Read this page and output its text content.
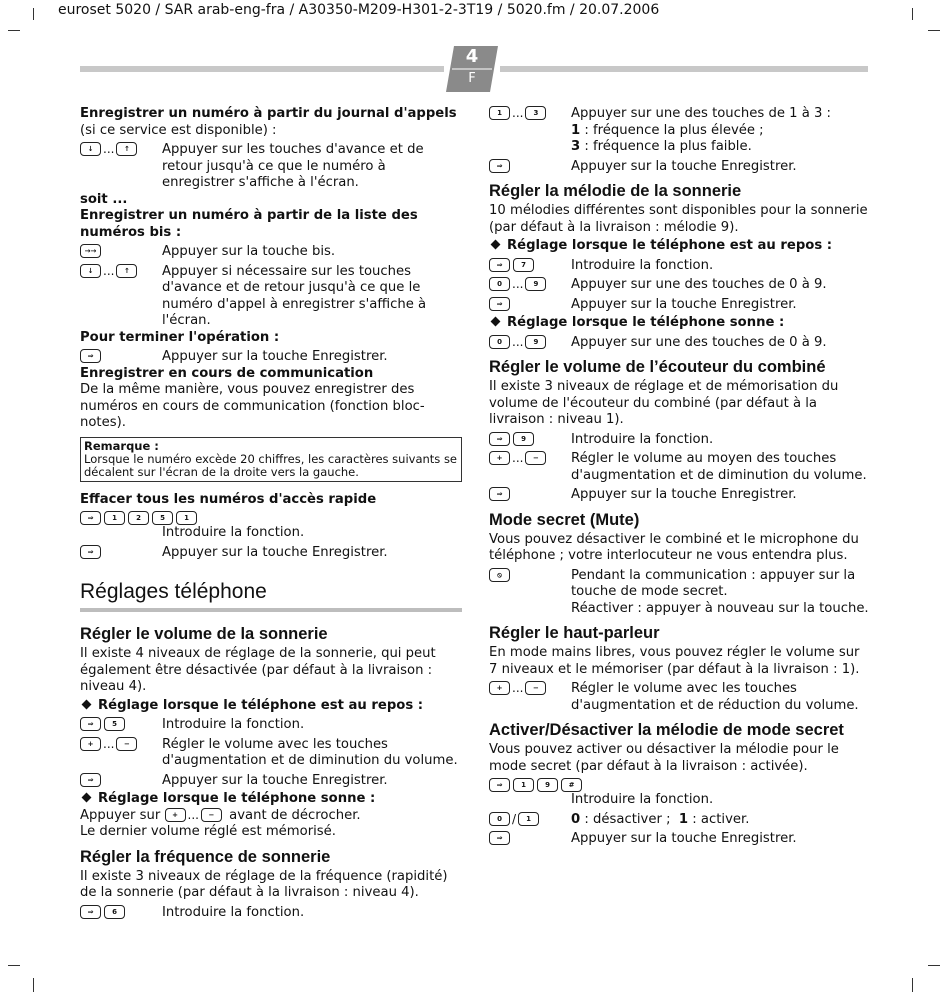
euroset 5020 / SAR arab-eng-fra / A30350-M209-H301-2-3T19 / 5020.fm / 20.07.2006
4
F

Enregistrer un numéro à partir du journal d'appels (si ce service est disponible) :

↓ ...	↑	Appuyer sur les touches d'avance et de retour jusqu'à ce que le numéro à enregistrer s'affiche à l'écran.

soit ...

Enregistrer un numéro à partir de la liste des numéros bis :

→→	Appuyer sur la touche bis.
↓ ...	↑	Appuyer si nécessaire sur les touches d'avance et de retour jusqu'à ce que le numéro d'appel à enregistrer s'affiche à l'écran.

Pour terminer l'opération :

⇒	Appuyer sur la touche Enregistrer.

Enregistrer en cours de communication

De la même manière, vous pouvez enregistrer des numéros en cours de communication (fonction bloc-notes).

Remarque :
Lorsque le numéro excède 20 chiffres, les caractères suivants se décalent sur l'écran de la droite vers la gauche.

Effacer tous les numéros d'accès rapide

⇒	1	2	5	1
Introduire la fonction.
⇒	Appuyer sur la touche Enregistrer.
Réglages téléphone
Régler le volume de la sonnerie

Il existe 4 niveaux de réglage de la sonnerie, qui peut également être désactivée (par défaut à la livraison : niveau 4).

Réglage lorsque le téléphone est au repos :
⇒	5	Introduire la fonction.
+ ...	−	Régler le volume avec les touches d'augmentation et de diminution du volume.
⇒	Appuyer sur la touche Enregistrer.
Réglage lorsque le téléphone sonne :

Appuyer sur + ... − avant de décrocher.

Le dernier volume réglé est mémorisé.

Régler la fréquence de sonnerie

Il existe 3 niveaux de réglage de la fréquence (rapidité) de la sonnerie (par défaut à la livraison : niveau 4).

⇒	6	Introduire la fonction.
1 ...	3	Appuyer sur une des touches de 1 à 3 :
1 : fréquence la plus élevée ;
3 : fréquence la plus faible.
⇒	Appuyer sur la touche Enregistrer.
Régler la mélodie de la sonnerie

10 mélodies différentes sont disponibles pour la sonnerie (par défaut à la livraison : mélodie 9).

Réglage lorsque le téléphone est au repos :
⇒	7	Introduire la fonction.
0 ...	9	Appuyer sur une des touches de 0 à 9.
⇒	Appuyer sur la touche Enregistrer.
Réglage lorsque le téléphone sonne :
0 ...	9	Appuyer sur une des touches de 0 à 9.
Régler le volume de l’écouteur du combiné

Il existe 3 niveaux de réglage et de mémorisation du volume de l'écouteur du combiné (par défaut à la livraison : niveau 1).

⇒	9	Introduire la fonction.
+ ...	−	Régler le volume au moyen des touches d'augmentation et de diminution du volume.
⇒	Appuyer sur la touche Enregistrer.
Mode secret (Mute)

Vous pouvez désactiver le combiné et le microphone du téléphone ; votre interlocuteur ne vous entendra plus.

⦸	Pendant la communication : appuyer sur la touche de mode secret.
Réactiver : appuyer à nouveau sur la touche.
Régler le haut-parleur

En mode mains libres, vous pouvez régler le volume sur 7 niveaux et le mémoriser (par défaut à la livraison : 1).

+ ...	−	Régler le volume avec les touches d'augmentation et de réduction du volume.
Activer/Désactiver la mélodie de mode secret

Vous pouvez activer ou désactiver la mélodie pour le mode secret (par défaut à la livraison : activée).

⇒	1	9	#
Introduire la fonction.
0 /	1	0 : désactiver ; 1 : activer.
⇒	Appuyer sur la touche Enregistrer.
